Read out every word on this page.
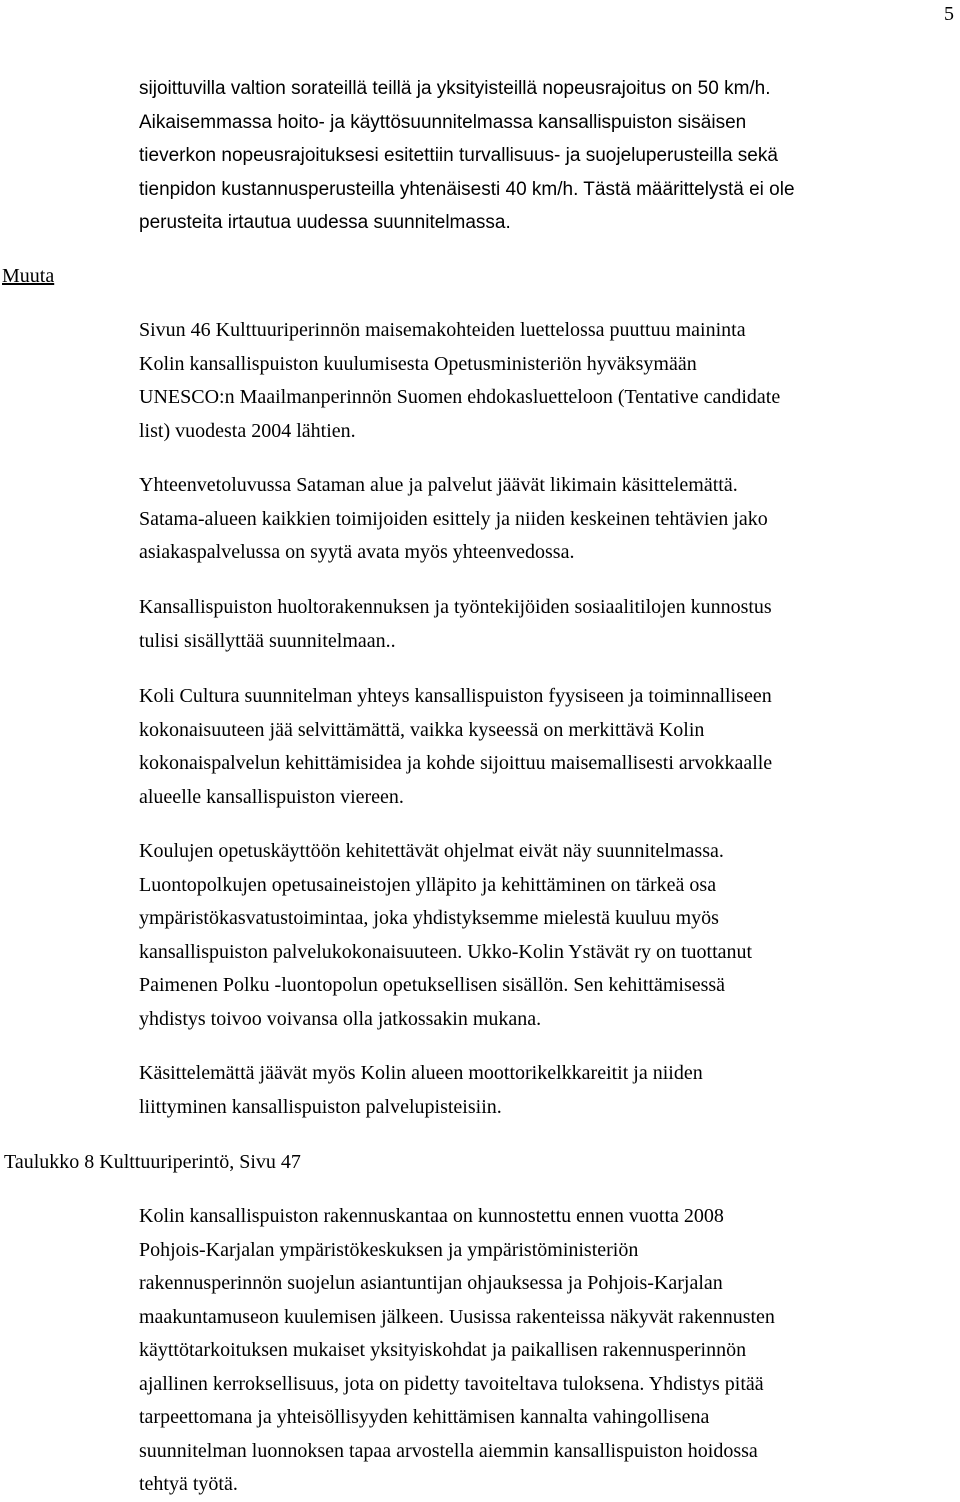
5
Muuta
Taulukko 8 Kulttuuriperintö, Sivu 47

sijoittuvilla valtion sorateillä teillä ja yksityisteillä nopeusrajoitus on 50 km/h.
Aikaisemmassa hoito- ja käyttösuunnitelmassa kansallispuiston sisäisen
tieverkon nopeusrajoituksesi esitettiin turvallisuus- ja suojeluperusteilla sekä
tienpidon kustannusperusteilla yhtenäisesti 40 km/h. Tästä määrittelystä ei ole
perusteita irtautua uudessa suunnitelmassa.

Sivun 46 Kulttuuriperinnön maisemakohteiden luettelossa puuttuu maininta
Kolin kansallispuiston kuulumisesta Opetusministeriön hyväksymään
UNESCO:n Maailmanperinnön Suomen ehdokasluetteloon (Tentative candidate
list) vuodesta 2004 lähtien.

Yhteenvetoluvussa Sataman alue ja palvelut jäävät likimain käsittelemättä.
Satama-alueen kaikkien toimijoiden esittely ja niiden keskeinen tehtävien jako
asiakaspalvelussa on syytä avata myös yhteenvedossa.

Kansallispuiston huoltorakennuksen ja työntekijöiden sosiaalitilojen kunnostus
tulisi sisällyttää suunnitelmaan..

Koli Cultura suunnitelman yhteys kansallispuiston fyysiseen ja toiminnalliseen
kokonaisuuteen jää selvittämättä, vaikka kyseessä on merkittävä Kolin
kokonaispalvelun kehittämisidea ja kohde sijoittuu maisemallisesti arvokkaalle
alueelle kansallispuiston viereen.

Koulujen opetuskäyttöön kehitettävät ohjelmat eivät näy suunnitelmassa.
Luontopolkujen opetusaineistojen ylläpito ja kehittäminen on tärkeä osa
ympäristökasvatustoimintaa, joka yhdistyksemme mielestä kuuluu myös
kansallispuiston palvelukokonaisuuteen. Ukko-Kolin Ystävät ry on tuottanut
Paimenen Polku -luontopolun opetuksellisen sisällön. Sen kehittämisessä
yhdistys toivoo voivansa olla jatkossakin mukana.

Käsittelemättä jäävät myös Kolin alueen moottorikelkkareitit ja niiden
liittyminen kansallispuiston palvelupisteisiin.

Kolin kansallispuiston rakennuskantaa on kunnostettu ennen vuotta 2008
Pohjois-Karjalan ympäristökeskuksen ja ympäristöministeriön
rakennusperinnön suojelun asiantuntijan ohjauksessa ja Pohjois-Karjalan
maakuntamuseon kuulemisen jälkeen. Uusissa rakenteissa näkyvät rakennusten
käyttötarkoituksen mukaiset yksityiskohdat ja paikallisen rakennusperinnön
ajallinen kerroksellisuus, jota on pidetty tavoiteltava tuloksena. Yhdistys pitää
tarpeettomana ja yhteisöllisyyden kehittämisen kannalta vahingollisena
suunnitelman luonnoksen tapaa arvostella aiemmin kansallispuiston hoidossa
tehtyä työtä.
